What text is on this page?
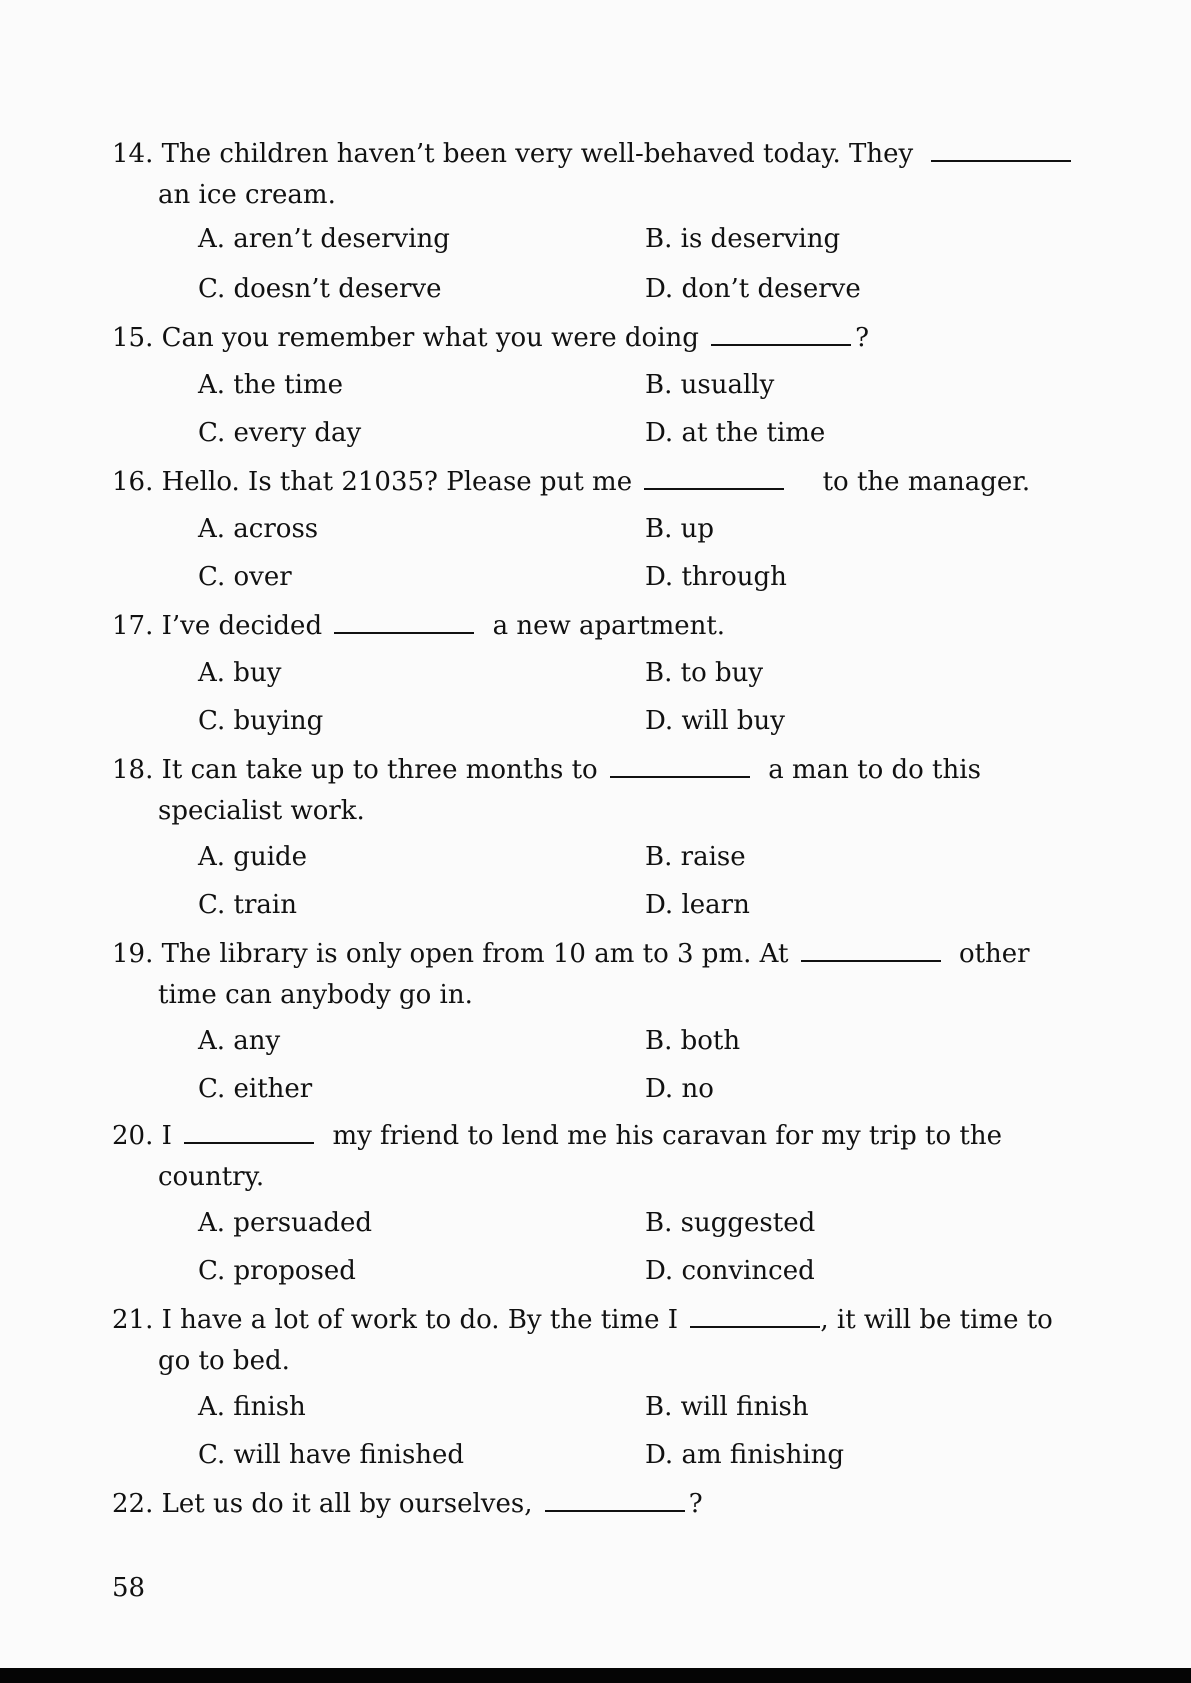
14. The children haven’t been very well-behaved today. They
an ice cream.
A. aren’t deserving	B. is deserving
C. doesn’t deserve	D. don’t deserve
15. Can you remember what you were doing	?
A. the time	B. usually
C. every day	D. at the time
16. Hello. Is that 21035? Please put me	to the manager.
A. across	B. up
C. over	D. through
17. I’ve decided	a new apartment.
A. buy	B. to buy
C. buying	D. will buy
18. It can take up to three months to	a man to do this
specialist work.
A. guide	B. raise
C. train	D. learn
19. The library is only open from 10 am to 3 pm. At	other
time can anybody go in.
A. any	B. both
C. either	D. no
20. I	my friend to lend me his caravan for my trip to the
country.
A. persuaded	B. suggested
C. proposed	D. convinced
21. I have a lot of work to do. By the time I	, it will be time to
go to bed.
A. finish	B. will finish
C. will have finished	D. am finishing
22. Let us do it all by ourselves,	?
58
